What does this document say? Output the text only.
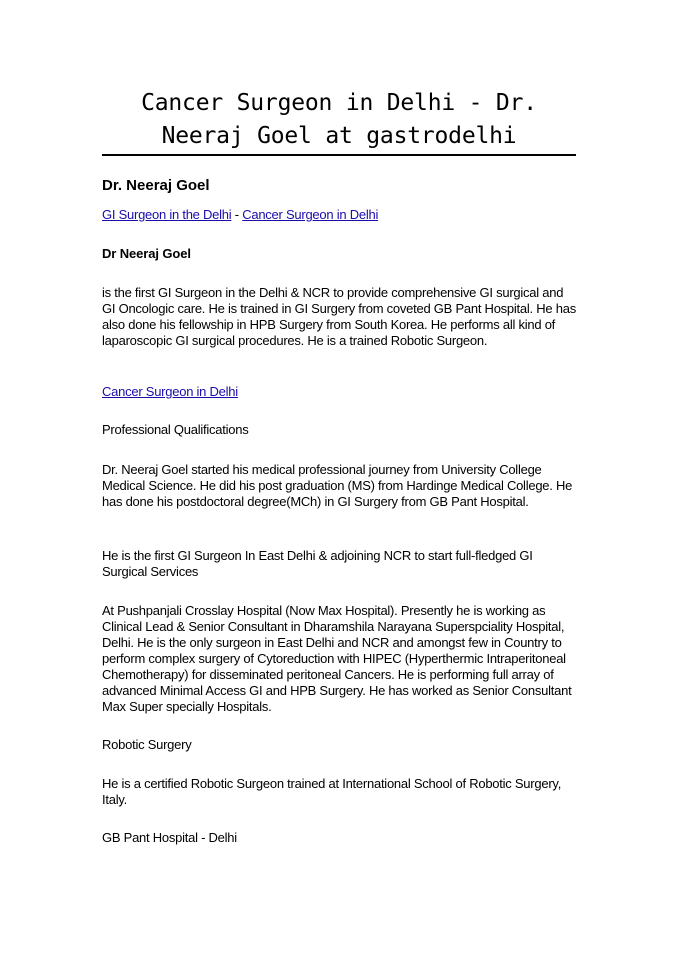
Cancer Surgeon in Delhi - Dr. Neeraj Goel at gastrodelhi
Dr. Neeraj Goel
GI Surgeon in the Delhi - Cancer Surgeon in Delhi
Dr Neeraj Goel
is the first GI Surgeon in the Delhi & NCR to provide comprehensive GI surgical and GI Oncologic care. He is trained in GI Surgery from coveted GB Pant Hospital. He has also done his fellowship in HPB Surgery from South Korea. He performs all kind of laparoscopic GI surgical procedures. He is a trained Robotic Surgeon.
Cancer Surgeon in Delhi
Professional Qualifications
Dr. Neeraj Goel started his medical professional journey from University College Medical Science. He did his post graduation (MS) from Hardinge Medical College. He has done his postdoctoral degree(MCh) in GI Surgery from GB Pant Hospital.
He is the first GI Surgeon In East Delhi & adjoining NCR to start full-fledged GI Surgical Services
At Pushpanjali Crosslay Hospital (Now Max Hospital). Presently he is working as Clinical Lead & Senior Consultant in Dharamshila Narayana Superspciality Hospital, Delhi. He is the only surgeon in East Delhi and NCR and amongst few in Country to perform complex surgery of Cytoreduction with HIPEC (Hyperthermic Intraperitoneal Chemotherapy) for disseminated peritoneal Cancers. He is performing full array of advanced Minimal Access GI and HPB Surgery. He has worked as Senior Consultant Max Super specially Hospitals.
Robotic Surgery
He is a certified Robotic Surgeon trained at International School of Robotic Surgery, Italy.
GB Pant Hospital - Delhi
